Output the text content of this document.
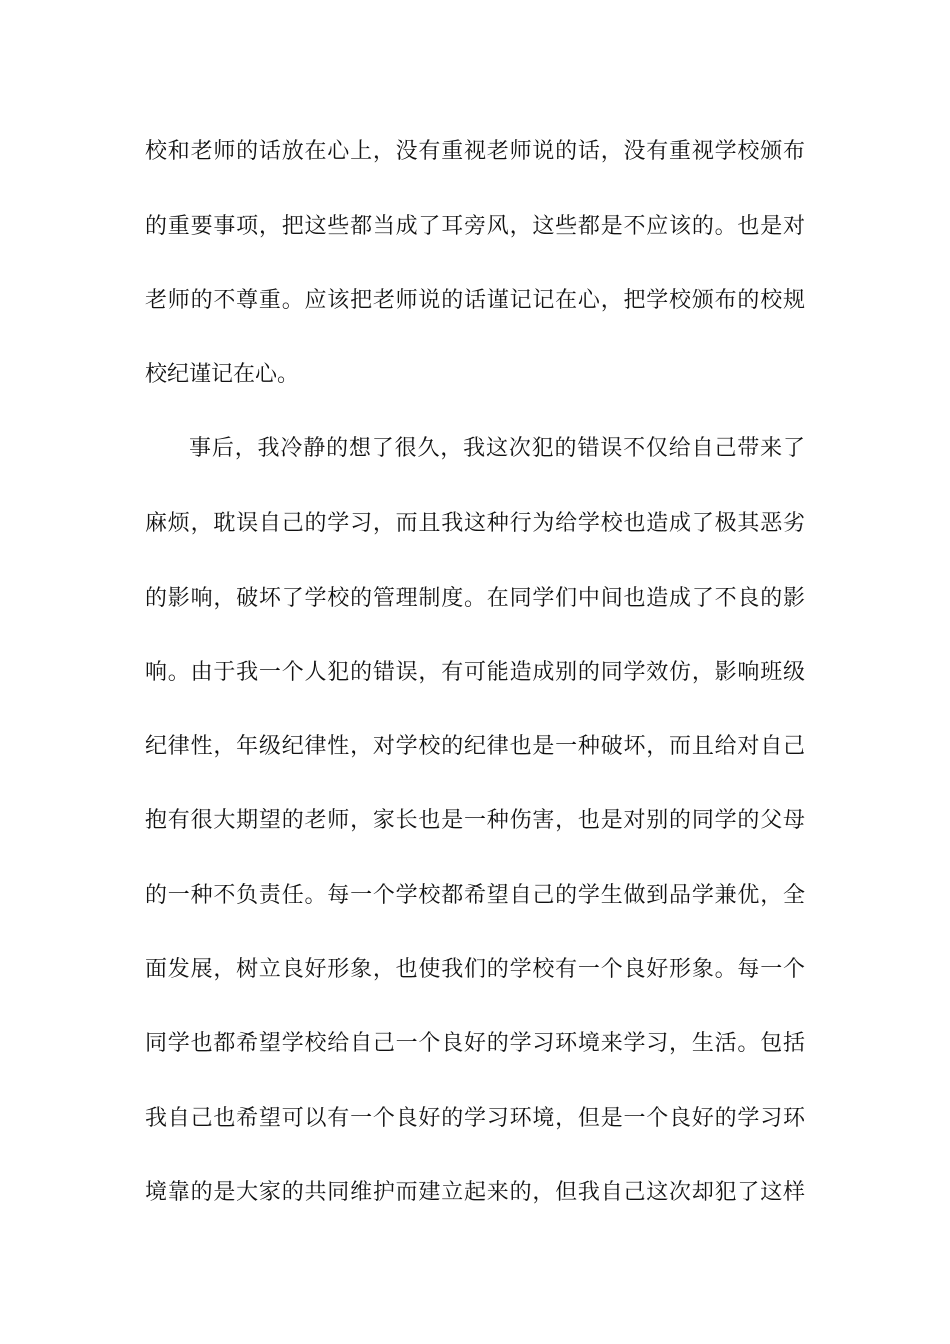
校和老师的话放在心上，没有重视老师说的话，没有重视学校颁布
的重要事项，把这些都当成了耳旁风，这些都是不应该的。也是对
老师的不尊重。应该把老师说的话谨记记在心，把学校颁布的校规
校纪谨记在心。
事后，我冷静的想了很久，我这次犯的错误不仅给自己带来了
麻烦，耽误自己的学习，而且我这种行为给学校也造成了极其恶劣
的影响，破坏了学校的管理制度。在同学们中间也造成了不良的影
响。由于我一个人犯的错误，有可能造成别的同学效仿，影响班级
纪律性，年级纪律性，对学校的纪律也是一种破坏，而且给对自己
抱有很大期望的老师，家长也是一种伤害，也是对别的同学的父母
的一种不负责任。每一个学校都希望自己的学生做到品学兼优，全
面发展，树立良好形象，也使我们的学校有一个良好形象。每一个
同学也都希望学校给自己一个良好的学习环境来学习，生活。包括
我自己也希望可以有一个良好的学习环境，但是一个良好的学习环
境靠的是大家的共同维护而建立起来的，但我自己这次却犯了这样
